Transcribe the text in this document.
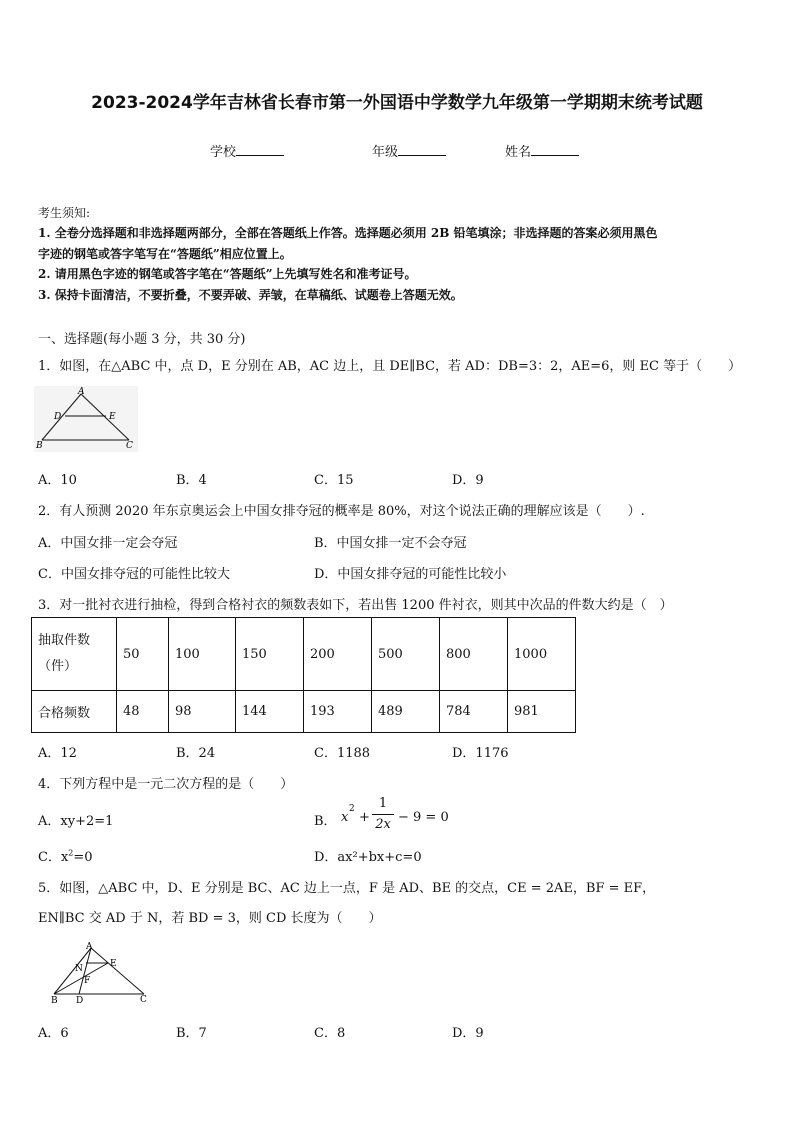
2023-2024学年吉林省长春市第一外国语中学数学九年级第一学期期末统考试题
学校	年级	姓名
考生须知:
1. 全卷分选择题和非选择题两部分，全部在答题纸上作答。选择题必须用 2B 铅笔填涂；非选择题的答案必须用黑色
字迹的钢笔或答字笔写在“答题纸”相应位置上。
2. 请用黑色字迹的钢笔或答字笔在“答题纸”上先填写姓名和准考证号。
3. 保持卡面清洁，不要折叠，不要弄破、弄皱，在草稿纸、试题卷上答题无效。
一、选择题(每小题 3 分，共 30 分)
1．如图，在△ABC 中，点 D，E 分别在 AB，AC 边上，且 DE∥BC，若 AD：DB=3：2，AE=6，则 EC 等于（　　）
A
D	E
B	C
A．10	B．4	C．15	D．9
2．有人预测 2020 年东京奥运会上中国女排夺冠的概率是 80%，对这个说法正确的理解应该是（　　）.
A．中国女排一定会夺冠	B．中国女排一定不会夺冠
C．中国女排夺冠的可能性比较大	D．中国女排夺冠的可能性比较小
3．对一批衬衣进行抽检，得到合格衬衣的频数表如下，若出售 1200 件衬衣，则其中次品的件数大约是（　）
抽取件数
（件）	50	100	150	200	500	800	1000
合格频数	48	98	144	193	489	784	981
A．12	B．24	C．1188	D．1176
4．下列方程中是一元二次方程的是（　　）
A．xy+2=1	B． x
2
+
1
2x − 9 = 0
C．$x^2=0$	D．ax²+bx+c=0
5．如图，△ABC 中，D、E 分别是 BC、AC 边上一点，F 是 AD、BE 的交点，CE = 2AE，BF = EF，
EN∥BC 交 AD 于 N，若 BD = 3，则 CD 长度为（　　）
A
N	E
F
B D	C
A．6	B．7	C．8	D．9
